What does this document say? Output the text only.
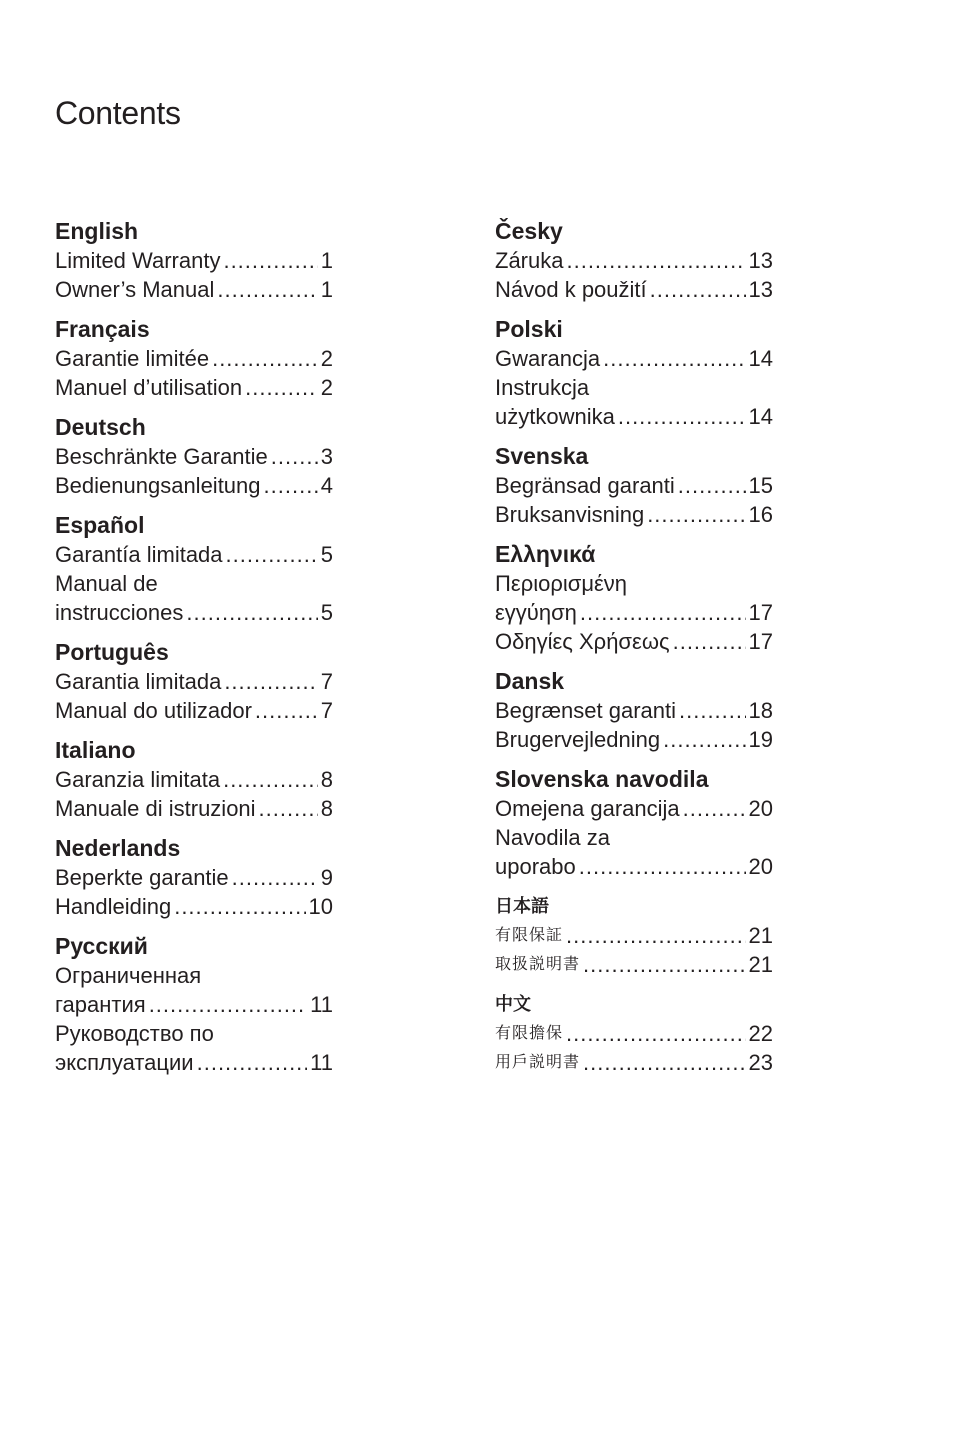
Contents
English
Limited Warranty .....	1
Owner’s Manual .....	1
Français
Garantie limitée .....	2
Manuel d’utilisation .....	2
Deutsch
Beschränkte Garantie ..... 3
Bedienungsanleitung .....	4
Español
Garantía limitada .....	5
Manual de
instrucciones .....	5
Português
Garantia limitada .....	7
Manual do utilizador .....	7
Italiano
Garanzia limitata .....	8
Manuale di istruzioni .....	8
Nederlands
Beperkte garantie .....	9
Handleiding .....	10
Русский
Ограниченная
гарантия .....	11
Руководство по
эксплуатации .....	11
Česky
Záruka .....	13
Návod k použití .....	13
Polski
Gwarancja .....	14
Instrukcja
użytkownika .....	14
Svenska
Begränsad garanti .....	15
Bruksanvisning .....	16
Ελληνικά
Περιορισμένη
εγγύηση .....	17
Οδηγίες Χρήσεως .....	17
Dansk
Begrænset garanti .....	18
Brugervejledning .....	19
Slovenska navodila
Omejena garancija .....	20
Navodila za
uporabo .....	20
日本語
有限保証 .....	21
取扱説明書 .....	21
中文
有限擔保 .....	22
用戶説明書 .....	23
